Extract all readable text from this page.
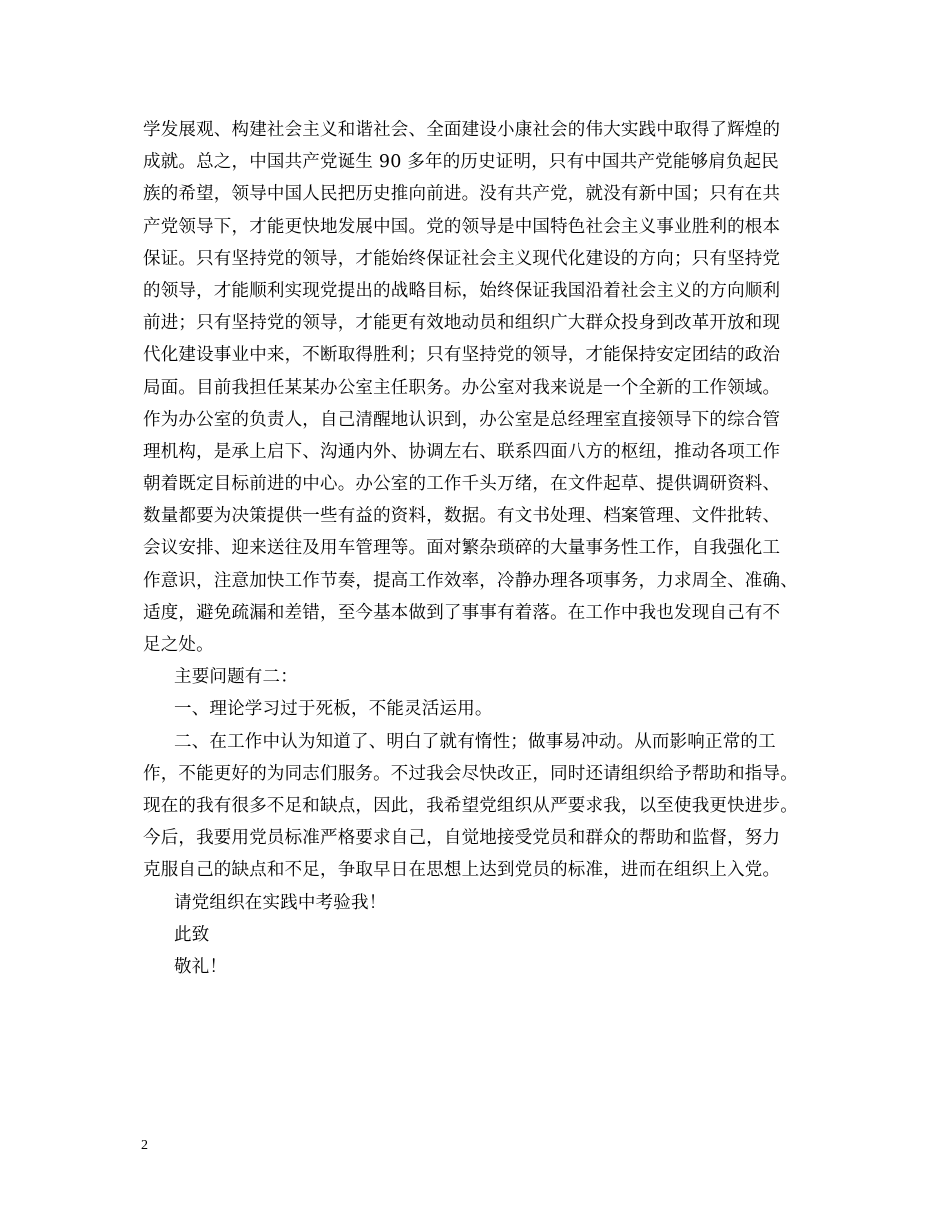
学发展观、构建社会主义和谐社会、全面建设小康社会的伟大实践中取得了辉煌的
成就。总之，中国共产党诞生 90 多年的历史证明，只有中国共产党能够肩负起民
族的希望，领导中国人民把历史推向前进。没有共产党，就没有新中国；只有在共
产党领导下，才能更快地发展中国。党的领导是中国特色社会主义事业胜利的根本
保证。只有坚持党的领导，才能始终保证社会主义现代化建设的方向；只有坚持党
的领导，才能顺利实现党提出的战略目标，始终保证我国沿着社会主义的方向顺利
前进；只有坚持党的领导，才能更有效地动员和组织广大群众投身到改革开放和现
代化建设事业中来，不断取得胜利；只有坚持党的领导，才能保持安定团结的政治
局面。目前我担任某某办公室主任职务。办公室对我来说是一个全新的工作领域。
作为办公室的负责人，自己清醒地认识到，办公室是总经理室直接领导下的综合管
理机构，是承上启下、沟通内外、协调左右、联系四面八方的枢纽，推动各项工作
朝着既定目标前进的中心。办公室的工作千头万绪，在文件起草、提供调研资料、
数量都要为决策提供一些有益的资料，数据。有文书处理、档案管理、文件批转、
会议安排、迎来送往及用车管理等。面对繁杂琐碎的大量事务性工作，自我强化工
作意识，注意加快工作节奏，提高工作效率，冷静办理各项事务，力求周全、准确、
适度，避免疏漏和差错，至今基本做到了事事有着落。在工作中我也发现自己有不
足之处。
主要问题有二：
一、理论学习过于死板，不能灵活运用。
二、在工作中认为知道了、明白了就有惰性；做事易冲动。从而影响正常的工
作，不能更好的为同志们服务。不过我会尽快改正，同时还请组织给予帮助和指导。
现在的我有很多不足和缺点，因此，我希望党组织从严要求我，以至使我更快进步。
今后，我要用党员标准严格要求自己，自觉地接受党员和群众的帮助和监督，努力
克服自己的缺点和不足，争取早日在思想上达到党员的标准，进而在组织上入党。
请党组织在实践中考验我！
此致
敬礼！
2
